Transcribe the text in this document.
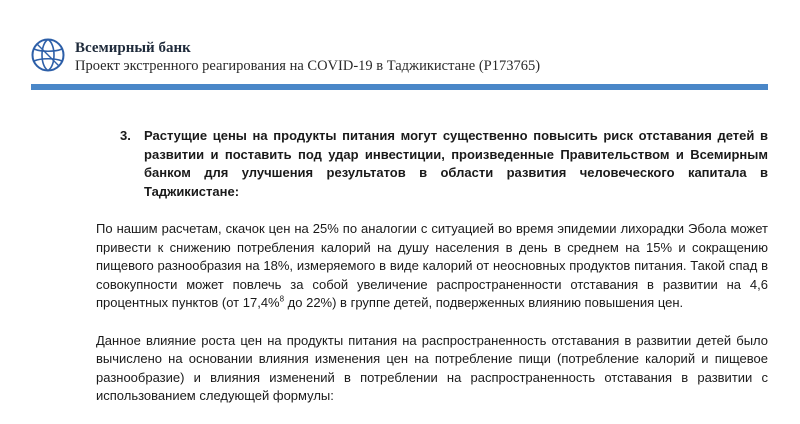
Всемирный банк
Проект экстренного реагирования на COVID-19 в Таджикистане (P173765)
3.	Растущие цены на продукты питания могут существенно повысить риск отставания детей в развитии и поставить под удар инвестиции, произведенные Правительством и Всемирным банком для улучшения результатов в области развития человеческого капитала в Таджикистане:

По нашим расчетам, скачок цен на 25% по аналогии с ситуацией во время эпидемии лихорадки Эбола может привести к снижению потребления калорий на душу населения в день в среднем на 15% и сокращению пищевого разнообразия на 18%, измеряемого в виде калорий от неосновных продуктов питания. Такой спад в совокупности может повлечь за собой увеличение распространенности отставания в развитии на 4,6 процентных пунктов (от 17,4%$^8$ до 22%) в группе детей, подверженных влиянию повышения цен.

Данное влияние роста цен на продукты питания на распространенность отставания в развитии детей было вычислено на основании влияния изменения цен на потребление пищи (потребление калорий и пищевое разнообразие) и влияния изменений в потреблении на распространенность отставания в развитии с использованием следующей формулы:
